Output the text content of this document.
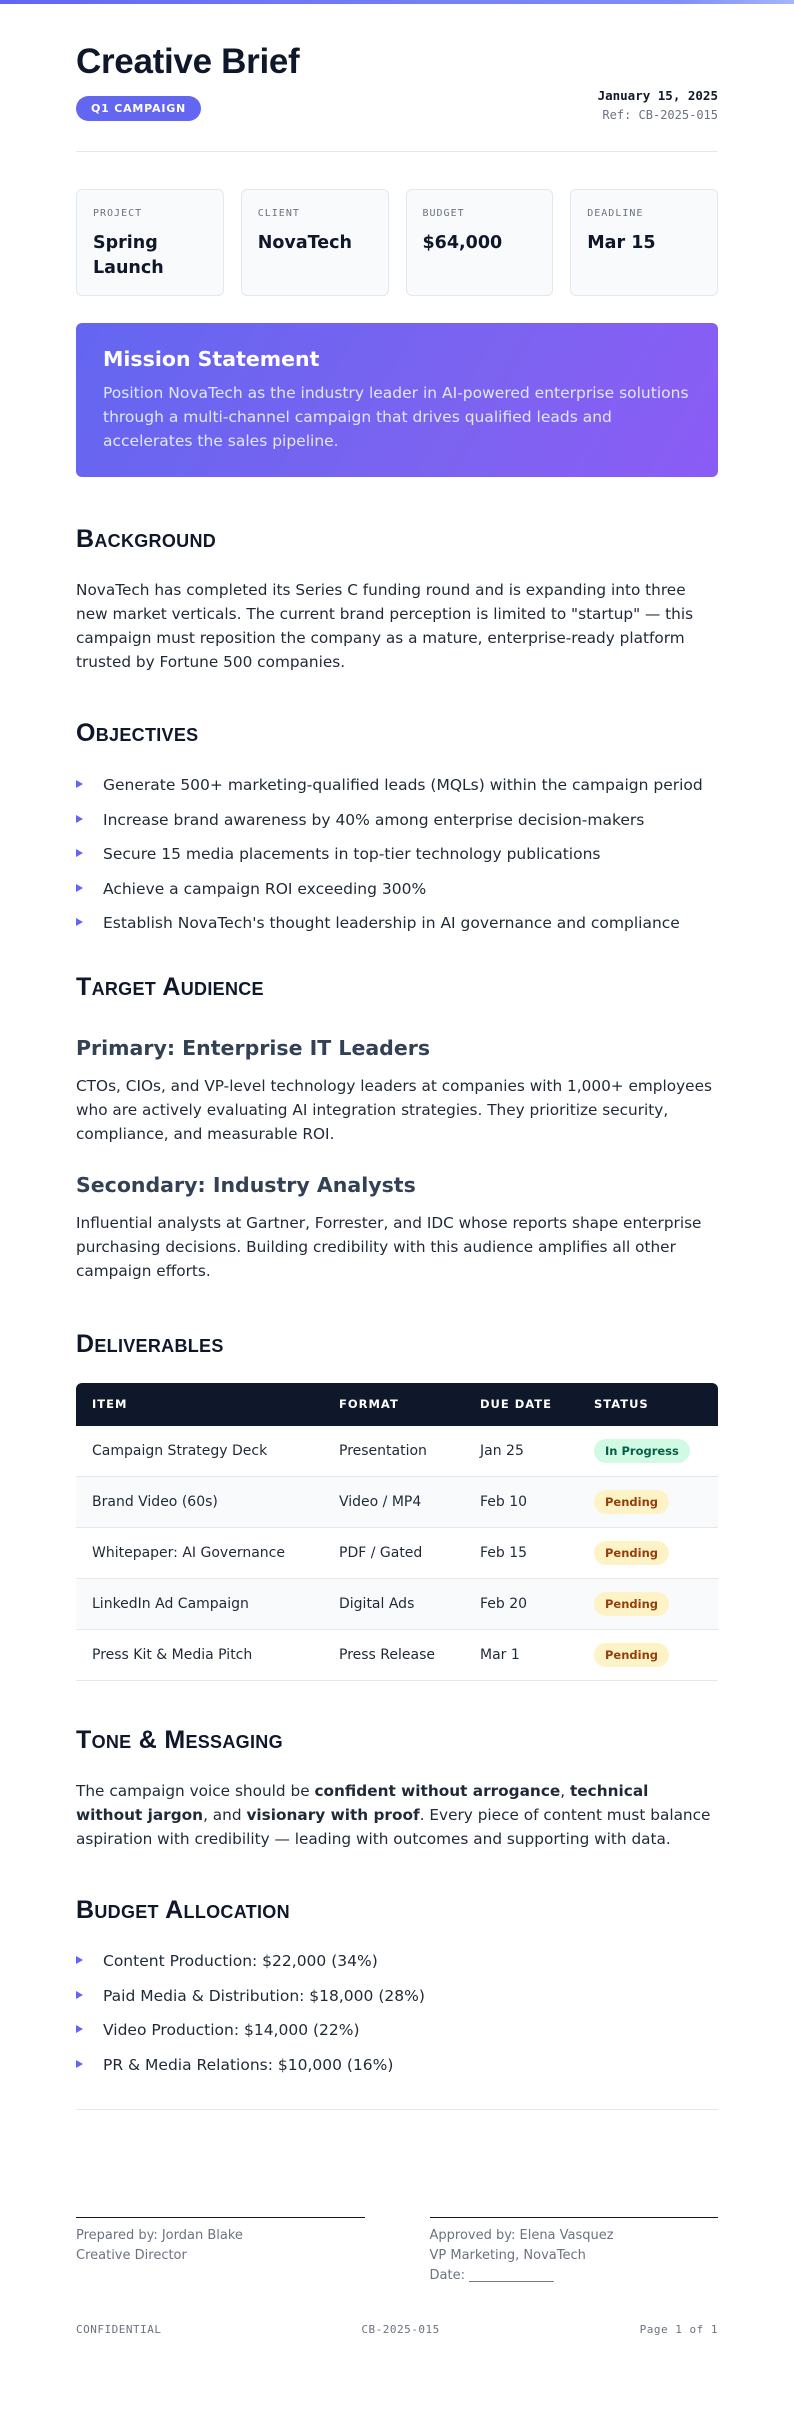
Creative Brief
Q1 CAMPAIGN
January 15, 2025
Ref: CB-2025-015
PROJECT
Spring Launch
CLIENT
NovaTech
BUDGET
$64,000
DEADLINE
Mar 15
Mission Statement

Position NovaTech as the industry leader in AI-powered enterprise solutions through a multi-channel campaign that drives qualified leads and accelerates the sales pipeline.

Background

NovaTech has completed its Series C funding round and is expanding into three new market verticals. The current brand perception is limited to "startup" — this campaign must reposition the company as a mature, enterprise-ready platform trusted by Fortune 500 companies.

Objectives
Generate 500+ marketing-qualified leads (MQLs) within the campaign period
Increase brand awareness by 40% among enterprise decision-makers
Secure 15 media placements in top-tier technology publications
Achieve a campaign ROI exceeding 300%
Establish NovaTech's thought leadership in AI governance and compliance
Target Audience
Primary: Enterprise IT Leaders

CTOs, CIOs, and VP-level technology leaders at companies with 1,000+ employees who are actively evaluating AI integration strategies. They prioritize security, compliance, and measurable ROI.

Secondary: Industry Analysts

Influential analysts at Gartner, Forrester, and IDC whose reports shape enterprise purchasing decisions. Building credibility with this audience amplifies all other campaign efforts.

Deliverables
ITEM	FORMAT	DUE DATE	STATUS
Campaign Strategy Deck	Presentation	Jan 25	In Progress
Brand Video (60s)	Video / MP4	Feb 10	Pending
Whitepaper: AI Governance	PDF / Gated	Feb 15	Pending
LinkedIn Ad Campaign	Digital Ads	Feb 20	Pending
Press Kit & Media Pitch	Press Release	Mar 1	Pending
Tone & Messaging

The campaign voice should be confident without arrogance, technical without jargon, and visionary with proof. Every piece of content must balance aspiration with credibility — leading with outcomes and supporting with data.

Budget Allocation
Content Production: $22,000 (34%)
Paid Media & Distribution: $18,000 (28%)
Video Production: $14,000 (22%)
PR & Media Relations: $10,000 (16%)
Prepared by: Jordan Blake
Creative Director
Approved by: Elena Vasquez
VP Marketing, NovaTech
Date: _____________
CONFIDENTIAL	CB-2025-015	Page 1 of 1
